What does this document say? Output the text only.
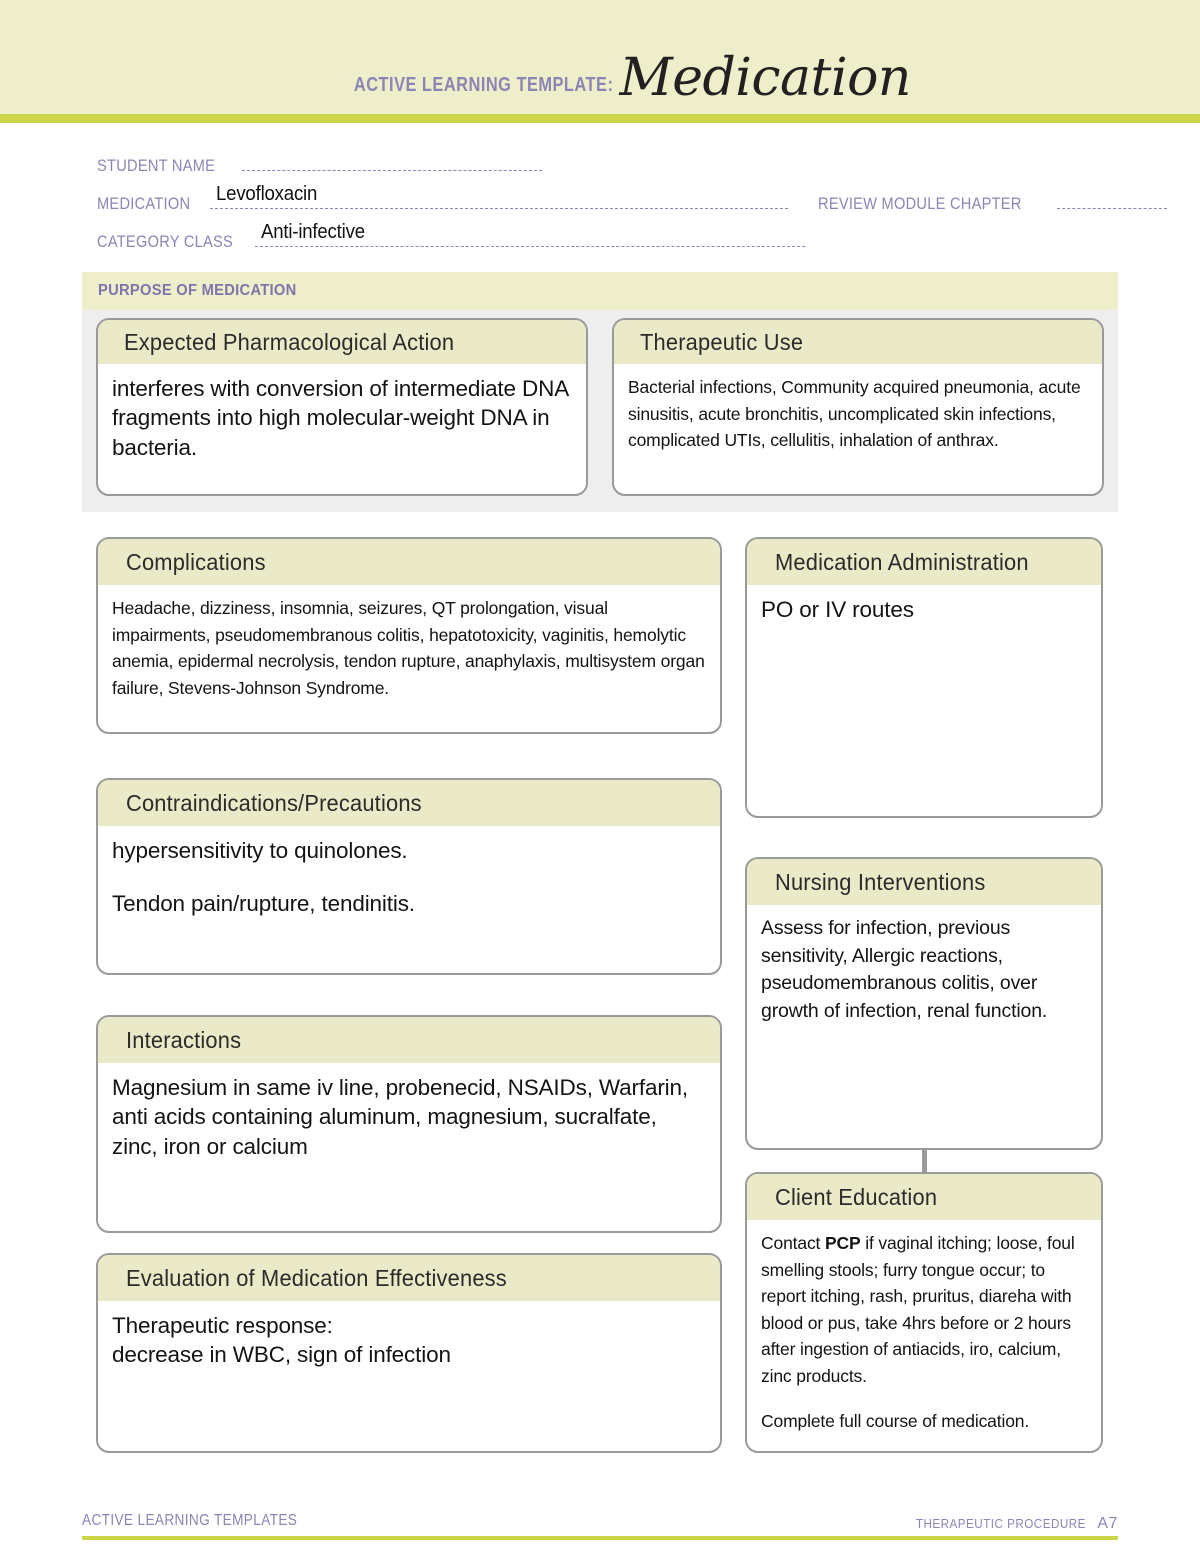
ACTIVE LEARNING TEMPLATE: Medication
STUDENT NAME
MEDICATION Levofloxacin	REVIEW MODULE CHAPTER
CATEGORY CLASS Anti-infective
PURPOSE OF MEDICATION
Expected Pharmacological Action

interferes with conversion of intermediate DNA fragments into high molecular-weight DNA in bacteria.

Therapeutic Use

Bacterial infections, Community acquired pneumonia, acute sinusitis, acute bronchitis, uncomplicated skin infections, complicated UTIs, cellulitis, inhalation of anthrax.

Complications

Headache, dizziness, insomnia, seizures, QT prolongation, visual impairments, pseudomembranous colitis, hepatotoxicity, vaginitis, hemolytic anemia, epidermal necrolysis, tendon rupture, anaphylaxis, multisystem organ failure, Stevens-Johnson Syndrome.

Contraindications/Precautions

hypersensitivity to quinolones.

Tendon pain/rupture, tendinitis.

Interactions

Magnesium in same iv line, probenecid, NSAIDs, Warfarin, anti acids containing aluminum, magnesium, sucralfate, zinc, iron or calcium

Evaluation of Medication Effectiveness

Therapeutic response:

decrease in WBC, sign of infection

Medication Administration

PO or IV routes

Nursing Interventions

Assess for infection, previous sensitivity, Allergic reactions, pseudomembranous colitis, over growth of infection, renal function.

Client Education

Contact PCP if vaginal itching; loose, foul smelling stools; furry tongue occur; to report itching, rash, pruritus, diareha with blood or pus, take 4hrs before or 2 hours after ingestion of antiacids, iro, calcium, zinc products.

Complete full course of medication.

ACTIVE LEARNING TEMPLATES	THERAPEUTIC PROCEDURE A7
